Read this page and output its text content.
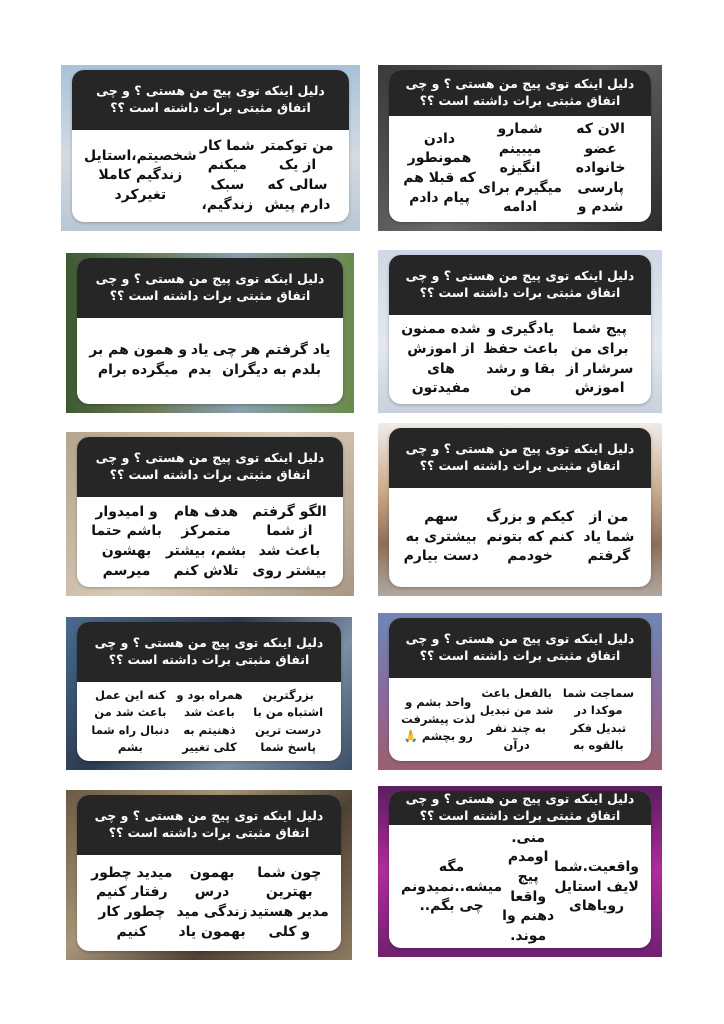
دلیل اینکه توی پیج من هستی ؟ و چی اتفاق مثبتی برات داشته است ؟؟
من توکمتر از یک سالی که دارم پیش
شما کار میکنم سبک زندگیم،
شخصیتم،استایل زندگیم کاملا تغیرکرد
دلیل اینکه توی پیج من هستی ؟ و چی اتفاق مثبتی برات داشته است ؟؟
الان که عضو خانواده پارسی شدم و
شمارو میبینم انگیزه میگیرم برای ادامه
دادن همونطور که قبلا هم پیام دادم
دلیل اینکه توی پیج من هستی ؟ و چی اتفاق مثبتی برات داشته است ؟؟
یاد گرفتم هر چی بلدم به دیگران
یاد بدم
و همون هم بر میگرده برام
دلیل اینکه توی پیج من هستی ؟ و چی اتفاق مثبتی برات داشته است ؟؟
پیج شما برای من سرشار از اموزش
یادگیری و باعث حفظ بقا و رشد من
شده ممنون از اموزش های مفیدتون
دلیل اینکه توی پیج من هستی ؟ و چی اتفاق مثبتی برات داشته است ؟؟
الگو گرفتم از شما باعث شد بیشتر روی
هدف هام متمرکز بشم، بیشتر تلاش کنم
و امیدوار باشم حتما بهشون میرسم
دلیل اینکه توی پیج من هستی ؟ و چی اتفاق مثبتی برات داشته است ؟؟
من از شما یاد گرفتم
کیکم و بزرگ کنم که بتونم خودمم
سهم بیشتری به دست بیارم
دلیل اینکه توی پیج من هستی ؟ و چی اتفاق مثبتی برات داشته است ؟؟
بزرگترین اشتباه من با درست ترین پاسخ شما
همراه بود و باعث شد ذهنیتم به کلی تغییر
کنه این عمل باعث شد من دنبال راه شما بشم
دلیل اینکه توی پیج من هستی ؟ و چی اتفاق مثبتی برات داشته است ؟؟
سماجت شما موکدا در تبدیل فکر بالقوه به
بالفعل باعث شد من تبدیل به چند نفر درآن
واحد بشم و لذت پیشرفت رو بچشم 🙏
دلیل اینکه توی پیج من هستی ؟ و چی اتفاق مثبتی برات داشته است ؟؟
چون شما بهترین مدیر هستید و کلی
بهمون درس زندگی مید بهمون یاد
میدید چطور رفتار کنیم چطور کار کنیم
دلیل اینکه توی پیج من هستی ؟ و چی اتفاق مثبتی برات داشته است ؟؟
واقعیت.شما لایف استایل رویاهای
منی. اومدم پیج واقعا دهنم وا موند.
مگه میشه..نمیدونم چی بگم..
